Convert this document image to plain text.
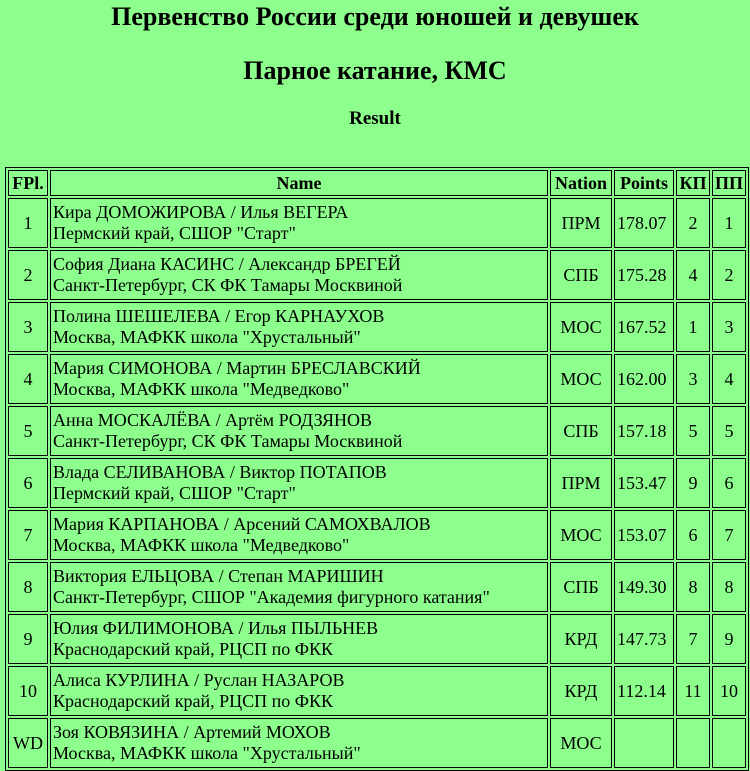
Первенство России среди юношей и девушек
Парное катание, КМС
Result
FPl.	Name	Nation	Points	КП	ПП
1	Кира ДОМОЖИРОВА / Илья ВЕГЕРА
Пермский край, СШОР "Старт"	ПРМ	178.07	2	1
2	София Диана КАСИНС / Александр БРЕГЕЙ
Санкт-Петербург, СК ФК Тамары Москвиной	СПБ	175.28	4	2
3	Полина ШЕШЕЛЕВА / Егор КАРНАУХОВ
Москва, МАФКК школа "Хрустальный"	МОС	167.52	1	3
4	Мария СИМОНОВА / Мартин БРЕСЛАВСКИЙ
Москва, МАФКК школа "Медведково"	МОС	162.00	3	4
5	Анна МОСКАЛЁВА / Артём РОДЗЯНОВ
Санкт-Петербург, СК ФК Тамары Москвиной	СПБ	157.18	5	5
6	Влада СЕЛИВАНОВА / Виктор ПОТАПОВ
Пермский край, СШОР "Старт"	ПРМ	153.47	9	6
7	Мария КАРПАНОВА / Арсений САМОХВАЛОВ
Москва, МАФКК школа "Медведково"	МОС	153.07	6	7
8	Виктория ЕЛЬЦОВА / Степан МАРИШИН
Санкт-Петербург, СШОР "Академия фигурного катания"	СПБ	149.30	8	8
9	Юлия ФИЛИМОНОВА / Илья ПЫЛЬНЕВ
Краснодарский край, РЦСП по ФКК	КРД	147.73	7	9
10	Алиса КУРЛИНА / Руслан НАЗАРОВ
Краснодарский край, РЦСП по ФКК	КРД	112.14	11	10
WD	Зоя КОВЯЗИНА / Артемий МОХОВ
Москва, МАФКК школа "Хрустальный"	МОС			
